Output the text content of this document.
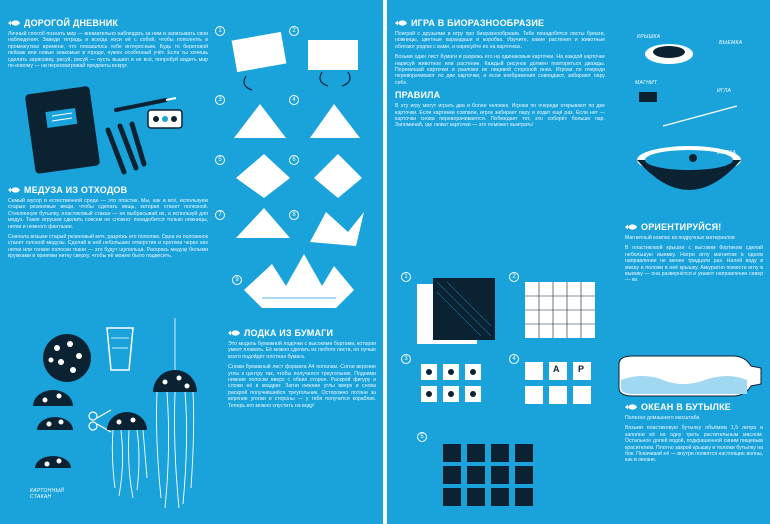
ДОРОГОЙ ДНЕВНИК
Личный способ познать мир — внимательно наблюдать за ним и записывать свои наблюдения. Заведи тетрадь и всегда носи её с собой, чтобы пополнять в промежутках времени, что показалось тебе интересным. Будь то береговой пейзаж или новые знакомые в городе, нужен особенный учёт. Если ты хочешь сделать зарисовку, рисуй, рисуй — пусть вышел и не всё, попробуй видеть мир по-новому — ни пересматривай предметы вокруг.
МЕДУЗА ИЗ ОТХОДОВ
Самый мусор в естественной среде — это пластик. Мы, как и всё, используем старые резиновые вещи, чтобы сделать вещь, которая станет полезной. Стеклянную бутылку, пластиковый стакан — не выбрасывай их, а используй для медуз. Такие игрушки сделать совсем не сложно: понадобится только ножницы, нитки и немного фантазии.
Сначала возьми старый резиновый мяч, разрежь его пополам. Одна из половинок станет головой медузы. Сделай в ней небольшие отверстия и протяни через них нитки или тонкие полоски ткани — это будут щупальца. Раскрась медузу белыми кружками и привяжи нитку сверху, чтобы её можно было подвесить.
КАРТОННЫЙ СТАКАН
1	2
3	4
5	6
7	8
9
ЛОДКА ИЗ БУМАГИ
Это модель бумажной лодочки с высокими бортами, которая умеет плавать. Её можно сделать из любого листа, но лучше всего подойдёт плотная бумага.
Сложи бумажный лист формата А4 пополам. Согни верхние углы к центру так, чтобы получился треугольник. Подними нижние полоски вверх с обеих сторон. Раскрой фигуру и сложи её в квадрат. Загни нижние углы вверх и снова раскрой получившийся треугольник. Осторожно потяни за верхние уголки в стороны — у тебя получится кораблик. Теперь его можно спустить на воду!
ИГРА В БИОРАЗНООБРАЗИЕ
Поиграй с друзьями в игру про биоразнообразие. Тебе понадобятся листы бумаги, ножницы, цветные карандаши и коробка. Изучите, какие растения и животные обитают рядом с вами, и нарисуйте их на карточках.
Возьми один лист бумаги и разрежь его на одинаковые карточки. На каждой карточке нарисуй животное или растение. Каждый рисунок должен повторяться дважды. Перемешай карточки и разложи их лицевой стороной вниз. Игроки по очереди переворачивают по две карточки, и если изображения совпадают, забирают пару себе.
ПРАВИЛА
В эту игру могут играть два и более человек. Игроки по очереди открывают по две карточки. Если картинки совпали, игрок забирает пару и ходит ещё раз. Если нет — карточки снова переворачиваются. Побеждает тот, кто соберёт больше пар. Запоминай, где лежат карточки — это поможет выиграть!
1	2
3	4
5
A P
КРЫШКА
ВЫЕМКА
МАГНИТ
ИГЛА
МИСКА
ОРИЕНТИРУЙСЯ!
Магнитный компас из подручных материалов
В пластиковой крышке с высоким бортиком сделай небольшую выемку. Натри иглу магнитом в одном направлении не менее тридцати раз. Налей воду в миску и положи в неё крышку. Аккуратно помести иглу в выемку — она развернётся и укажет направление север — юг.
ОКЕАН В БУТЫЛКЕ
Полезно домашнего масштаба
Возьми пластиковую бутылку объёмом 1,5 литра и заполни её на одну треть растительным маслом. Остальное долей водой, подкрашенной синим пищевым красителем. Плотно закрой крышку и положи бутылку на бок. Покачивай её — внутри появятся настоящие волны, как в океане.
